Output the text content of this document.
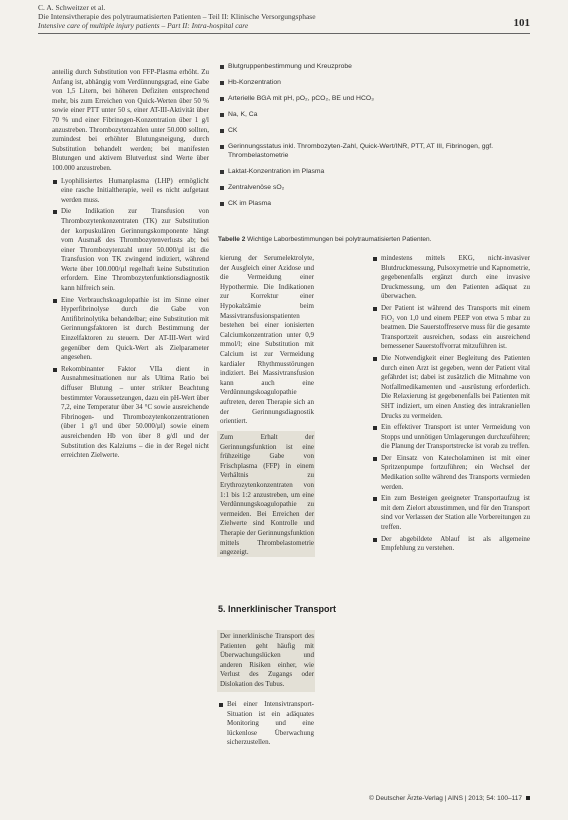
C. A. Schweitzer et al.
Die Intensivtherapie des polytraumatisierten Patienten – Teil II: Klinische Versorgungsphase
Intensive care of multiple injury patients – Part II: Intra-hospital care	101

anteilig durch Substitution von FFP-Plasma erhöht. Zu Anfang ist, abhängig vom Verdünnungsgrad, eine Gabe von 1,5 Litern, bei höheren Defiziten entsprechend mehr, bis zum Erreichen von Quick-Werten über 50 % sowie einer PTT unter 50 s, einer AT-III-Aktivität über 70 % und einer Fibrinogen-Konzentration über 1 g/l anzustreben. Thrombozytenzahlen unter 50.000 sollten, zumindest bei erhöhter Blutungsneigung, durch Substitution behandelt werden; bei manifesten Blutungen und aktivem Blutverlust sind Werte über 100.000 anzustreben.

Lyophilisiertes Humanplasma (LHP) ermöglicht eine rasche Initialtherapie, weil es nicht aufgetaut werden muss.
Die Indikation zur Transfusion von Thrombozytenkonzentraten (TK) zur Substitution der korpuskulären Gerinnungskomponente hängt vom Ausmaß des Thrombozytenverlusts ab; bei einer Thrombozytenzahl unter 50.000/µl ist die Transfusion von TK zwingend indiziert, während Werte über 100.000/µl regelhaft keine Substitution erfordern. Eine Thrombozytenfunktionsdiagnostik kann hilfreich sein.
Eine Verbrauchskoagulopathie ist im Sinne einer Hyperfibrinolyse durch die Gabe von Antifibrinolytika behandelbar; eine Substitution mit Gerinnungsfaktoren ist durch Bestimmung der Einzelfaktoren zu steuern. Der AT-III-Wert wird gegenüber dem Quick-Wert als Zielparameter angesehen.
Rekombinanter Faktor VIIa dient in Ausnahmesituationen nur als Ultima Ratio bei diffuser Blutung – unter strikter Beachtung bestimmter Voraussetzungen, dazu ein pH-Wert über 7,2, eine Temperatur über 34 °C sowie ausreichende Fibrinogen- und Thrombozytenkonzentrationen (über 1 g/l und über 50.000/µl) sowie einem ausreichenden Hb von über 8 g/dl und der Substitution des Kalziums – die in der Regel nicht erreichten Zielwerte.
Blutgruppenbestimmung und Kreuzprobe
Hb-Konzentration
Arterielle BGA mit pH, pO₂, pCO₂, BE und HCO₃
Na, K, Ca
CK
Gerinnungsstatus inkl. Thrombozyten-Zahl, Quick-Wert/INR, PTT, AT III, Fibrinogen, ggf. Thrombelastometrie
Laktat-Konzentration im Plasma
Zentralvenöse sO₂
CK im Plasma
Tabelle 2 Wichtige Laborbestimmungen bei polytraumatisierten Patienten.

kierung der Serumelektrolyte, der Ausgleich einer Azidose und die Vermeidung einer Hypothermie. Die Indikationen zur Korrektur einer Hypokalzämie beim Massivtransfusionspatienten bestehen bei einer ionisierten Calciumkonzentration unter 0,9 mmol/l; eine Substitution mit Calcium ist zur Vermeidung kardialer Rhythmusstörungen indiziert. Bei Massivtransfusion kann auch eine Verdünnungskoagulopathie auftreten, deren Therapie sich an der Gerinnungsdiagnostik orientiert.

Zum Erhalt der Gerinnungsfunktion ist eine frühzeitige Gabe von Frischplasma (FFP) in einem Verhältnis zu Erythrozytenkonzentraten von 1:1 bis 1:2 anzustreben, um eine Verdünnungskoagulopathie zu vermeiden. Bei Erreichen der Zielwerte sind Kontrolle und Therapie der Gerinnungsfunktion mittels Thrombelastometrie angezeigt.

5. Innerklinischer Transport

Der innerklinische Transport des Patienten geht häufig mit Überwachungslücken und anderen Risiken einher, wie Verlust des Zugangs oder Dislokation des Tubus.

Bei einer Intensivtransport-Situation ist ein adäquates Monitoring und eine lückenlose Überwachung sicherzustellen.
mindestens mittels EKG, nicht-invasiver Blutdruckmessung, Pulsoxymetrie und Kapnometrie, gegebenenfalls ergänzt durch eine invasive Druckmessung, um den Patienten adäquat zu überwachen.
Der Patient ist während des Transports mit einem FiO₂ von 1,0 und einem PEEP von etwa 5 mbar zu beatmen. Die Sauerstoffreserve muss für die gesamte Transportzeit ausreichen, sodass ein ausreichend bemessener Sauerstoffvorrat mitzuführen ist.
Die Notwendigkeit einer Begleitung des Patienten durch einen Arzt ist gegeben, wenn der Patient vital gefährdet ist; dabei ist zusätzlich die Mitnahme von Notfallmedikamenten und -ausrüstung erforderlich. Die Relaxierung ist gegebenenfalls bei Patienten mit SHT indiziert, um einen Anstieg des intrakraniellen Drucks zu vermeiden.
Ein effektiver Transport ist unter Vermeidung von Stopps und unnötigen Umlagerungen durchzuführen; die Planung der Transportstrecke ist vorab zu treffen.
Der Einsatz von Katecholaminen ist mit einer Spritzenpumpe fortzuführen; ein Wechsel der Medikation sollte während des Transports vermieden werden.
Ein zum Besteigen geeigneter Transportaufzug ist mit dem Zielort abzustimmen, und für den Transport sind vor Verlassen der Station alle Vorbereitungen zu treffen.
Der abgebildete Ablauf ist als allgemeine Empfehlung zu verstehen.
© Deutscher Ärzte-Verlag | AINS | 2013; 54: 100–117
